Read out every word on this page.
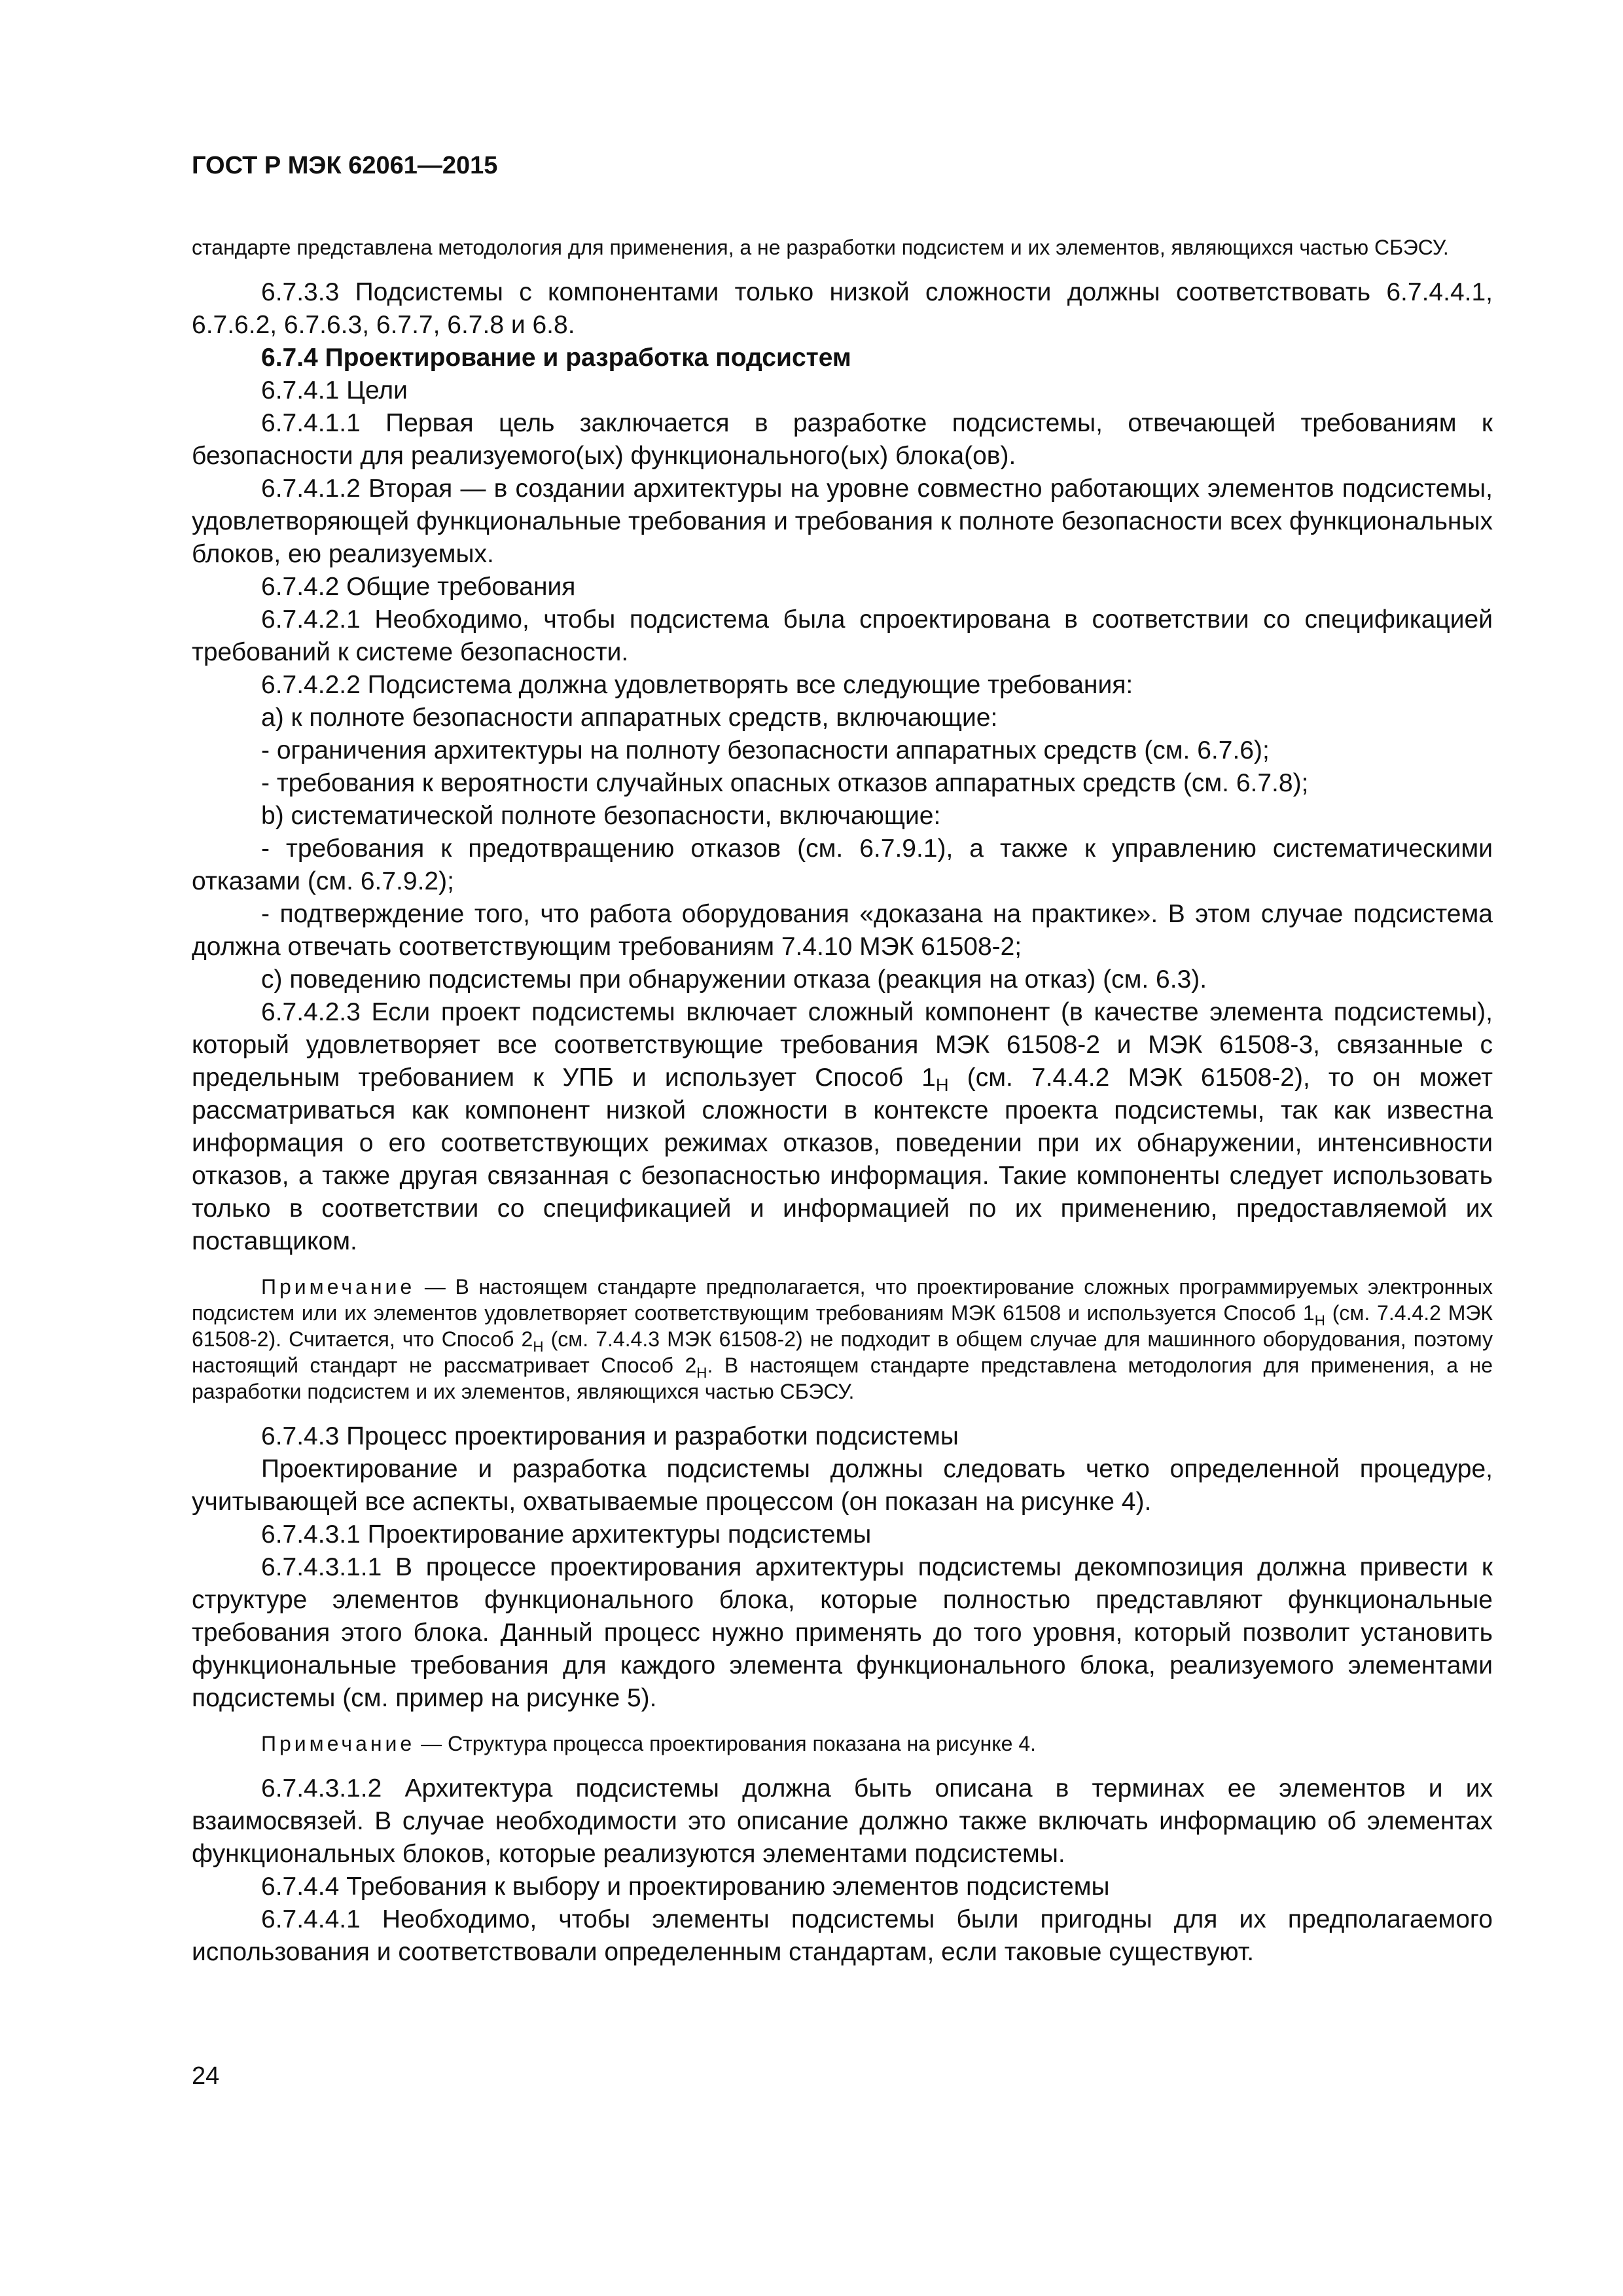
ГОСТ Р МЭК 62061—2015

стандарте представлена методология для применения, а не разработки подсистем и их элементов, являющихся частью СБЭСУ.

6.7.3.3 Подсистемы с компонентами только низкой сложности должны соответствовать 6.7.4.4.1, 6.7.6.2, 6.7.6.3, 6.7.7, 6.7.8 и 6.8.

6.7.4 Проектирование и разработка подсистем

6.7.4.1 Цели

6.7.4.1.1 Первая цель заключается в разработке подсистемы, отвечающей требованиям к безопасности для реализуемого(ых) функционального(ых) блока(ов).

6.7.4.1.2 Вторая — в создании архитектуры на уровне совместно работающих элементов подсистемы, удовлетворяющей функциональные требования и требования к полноте безопасности всех функциональных блоков, ею реализуемых.

6.7.4.2 Общие требования

6.7.4.2.1 Необходимо, чтобы подсистема была спроектирована в соответствии со спецификацией требований к системе безопасности.

6.7.4.2.2 Подсистема должна удовлетворять все следующие требования:

a) к полноте безопасности аппаратных средств, включающие:

- ограничения архитектуры на полноту безопасности аппаратных средств (см. 6.7.6);

- требования к вероятности случайных опасных отказов аппаратных средств (см. 6.7.8);

b) систематической полноте безопасности, включающие:

- требования к предотвращению отказов (см. 6.7.9.1), а также к управлению систематическими отказами (см. 6.7.9.2);

- подтверждение того, что работа оборудования «доказана на практике». В этом случае подсистема должна отвечать соответствующим требованиям 7.4.10 МЭК 61508-2;

c) поведению подсистемы при обнаружении отказа (реакция на отказ) (см. 6.3).

6.7.4.2.3 Если проект подсистемы включает сложный компонент (в качестве элемента подсистемы), который удовлетворяет все соответствующие требования МЭК 61508-2 и МЭК 61508-3, связанные с предельным требованием к УПБ и использует Способ $1_Н$ (см. 7.4.4.2 МЭК 61508-2), то он может рассматриваться как компонент низкой сложности в контексте проекта подсистемы, так как известна информация о его соответствующих режимах отказов, поведении при их обнаружении, интенсивности отказов, а также другая связанная с безопасностью информация. Такие компоненты следует использовать только в соответствии со спецификацией и информацией по их применению, предоставляемой их поставщиком.

Примечание — В настоящем стандарте предполагается, что проектирование сложных программируемых электронных подсистем или их элементов удовлетворяет соответствующим требованиям МЭК 61508 и используется Способ $1_Н$ (см. 7.4.4.2 МЭК 61508-2). Считается, что Способ $2_Н$ (см. 7.4.4.3 МЭК 61508-2) не подходит в общем случае для машинного оборудования, поэтому настоящий стандарт не рассматривает Способ $2_Н$. В настоящем стандарте представлена методология для применения, а не разработки подсистем и их элементов, являющихся частью СБЭСУ.

6.7.4.3 Процесс проектирования и разработки подсистемы

Проектирование и разработка подсистемы должны следовать четко определенной процедуре, учитывающей все аспекты, охватываемые процессом (он показан на рисунке 4).

6.7.4.3.1 Проектирование архитектуры подсистемы

6.7.4.3.1.1 В процессе проектирования архитектуры подсистемы декомпозиция должна привести к структуре элементов функционального блока, которые полностью представляют функциональные требования этого блока. Данный процесс нужно применять до того уровня, который позволит установить функциональные требования для каждого элемента функционального блока, реализуемого элементами подсистемы (см. пример на рисунке 5).

Примечание — Структура процесса проектирования показана на рисунке 4.

6.7.4.3.1.2 Архитектура подсистемы должна быть описана в терминах ее элементов и их взаимосвязей. В случае необходимости это описание должно также включать информацию об элементах функциональных блоков, которые реализуются элементами подсистемы.

6.7.4.4 Требования к выбору и проектированию элементов подсистемы

6.7.4.4.1 Необходимо, чтобы элементы подсистемы были пригодны для их предполагаемого использования и соответствовали определенным стандартам, если таковые существуют.

24
